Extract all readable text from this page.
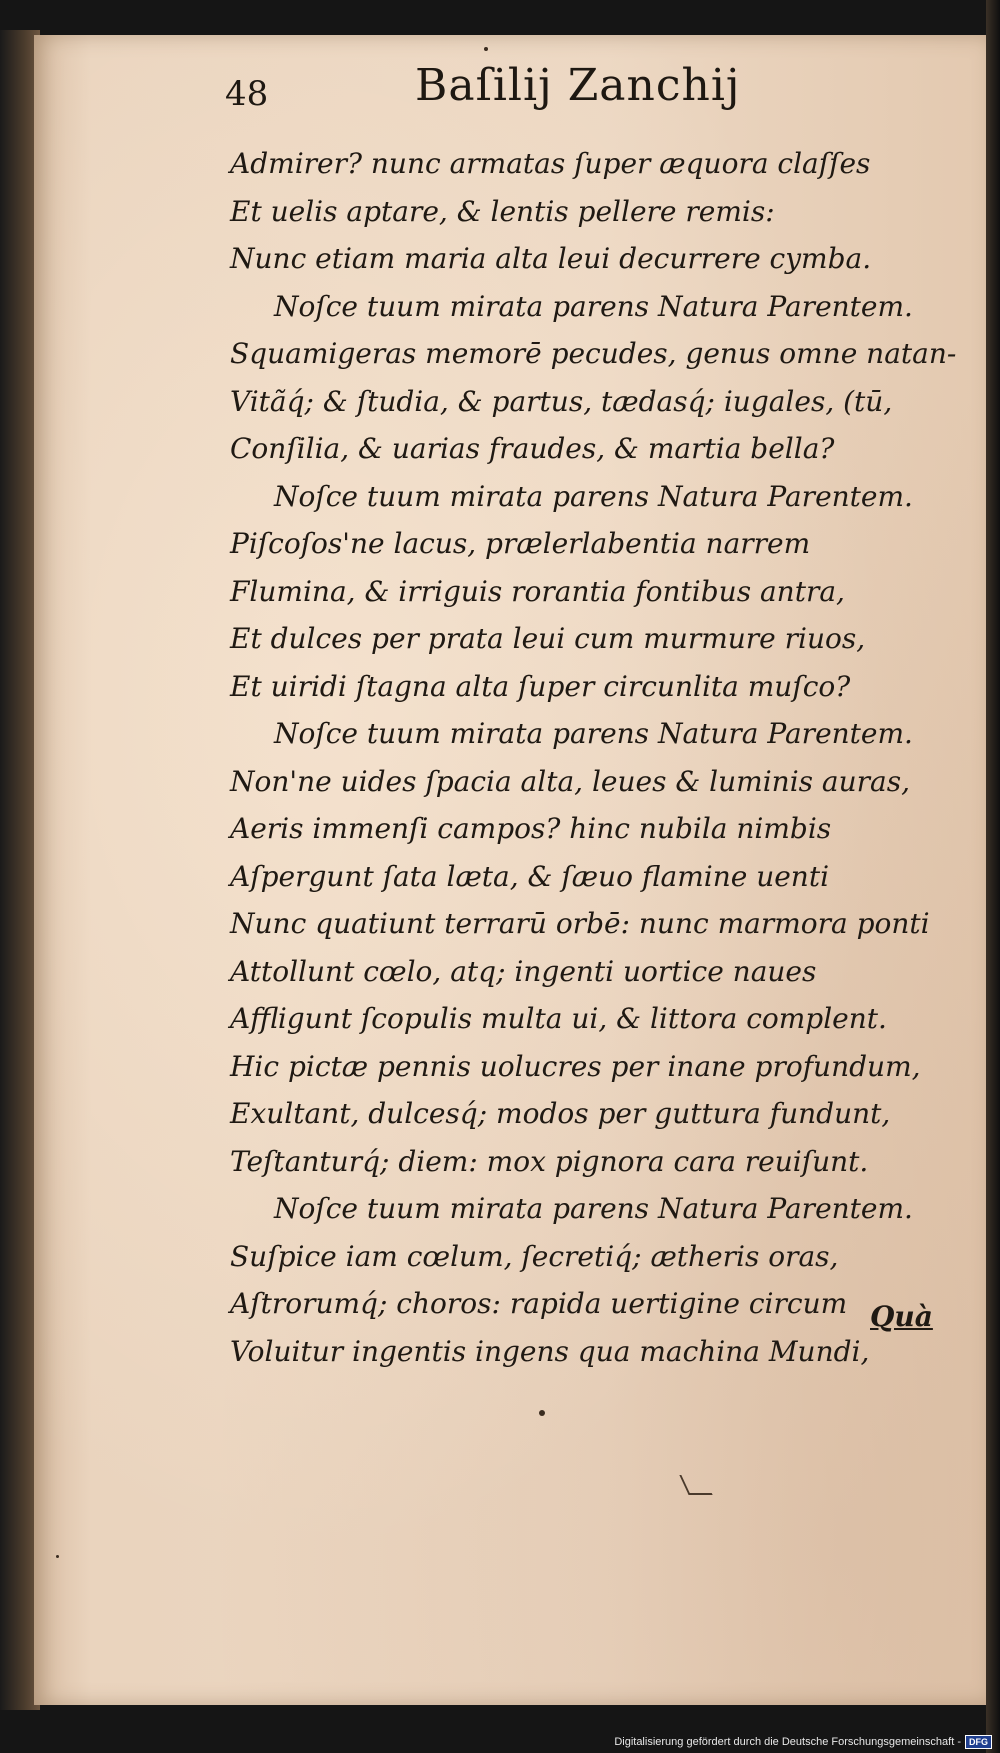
48	Baſilij Zanchij
Admirer? nunc armatas ſuper æquora claſſes
Et uelis aptare, & lentis pellere remis:
Nunc etiam maria alta leui decurrere cymba.
Noſce tuum mirata parens Natura Parentem.
Squamigeras memorē pecudes, genus omne natan-
Vitãq́; & ſtudia, & partus, tædasq́; iugales, (tū,
Conſilia, & uarias fraudes, & martia bella?
Noſce tuum mirata parens Natura Parentem.
Piſcoſos'ne lacus, prælerlabentia narrem
Flumina, & irriguis rorantia fontibus antra,
Et dulces per prata leui cum murmure riuos,
Et uiridi ſtagna alta ſuper circunlita muſco?
Noſce tuum mirata parens Natura Parentem.
Non'ne uides ſpacia alta, leues & luminis auras,
Aeris immenſi campos? hinc nubila nimbis
Aſpergunt ſata læta, & ſæuo flamine uenti
Nunc quatiunt terrarū orbē: nunc marmora ponti
Attollunt cœlo, atq; ingenti uortice naues
Affligunt ſcopulis multa ui, & littora complent.
Hic pictæ pennis uolucres per inane profundum,
Exultant, dulcesq́; modos per guttura fundunt,
Teſtanturq́; diem: mox pignora cara reuiſunt.
Noſce tuum mirata parens Natura Parentem.
Suſpice iam cœlum, ſecretiq́; ætheris oras,
Aſtrorumq́; choros: rapida uertigine circum
Voluitur ingentis ingens qua machina Mundi,
Quà
Digitalisierung gefördert durch die Deutsche Forschungsgemeinschaft - DFG
